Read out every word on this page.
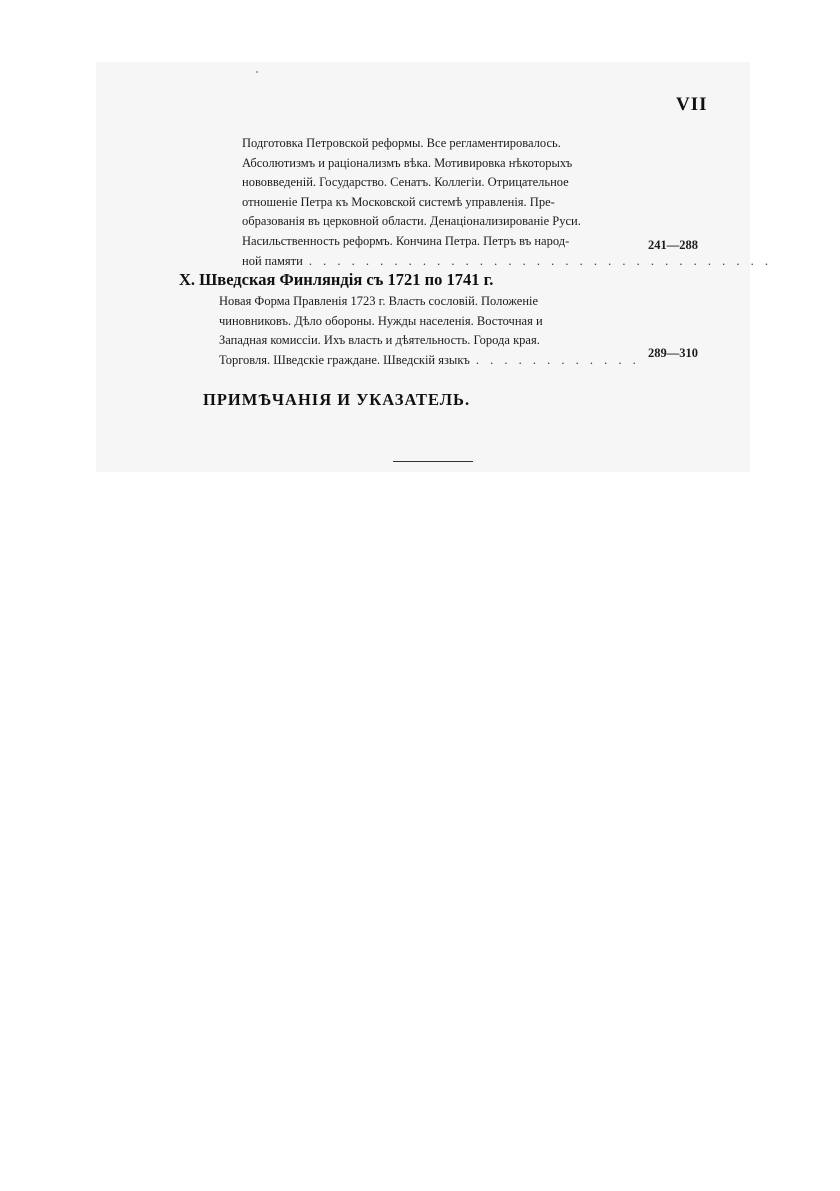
VII
Подготовка Петровской реформы. Все регламентировалось.
Абсолютизмъ и раціонализмъ вѣка. Мотивировка нѣкоторыхъ
нововведеній. Государство. Сенатъ. Коллегіи. Отрицательное
отношеніе Петра къ Московской системѣ управленія. Пре-
образованія въ церковной области. Денаціонализированіе Руси.
Насильственность реформъ. Кончина Петра. Петръ въ народ-
ной памяти . . . . . . . . . . . . . . . . . . . . . . . . . . . . . . . . .
241—288
X. Шведская Финляндія съ 1721 по 1741 г.
Новая Форма Правленія 1723 г. Власть сословій. Положеніе
чиновниковъ. Дѣло обороны. Нужды населенія. Восточная и
Западная комиссіи. Ихъ власть и дѣятельность. Города края.
Торговля. Шведскіе граждане. Шведскій языкъ . . . . . . . . . . . . 289—310
ПРИМѢЧАНІЯ И УКАЗАТЕЛЬ.
